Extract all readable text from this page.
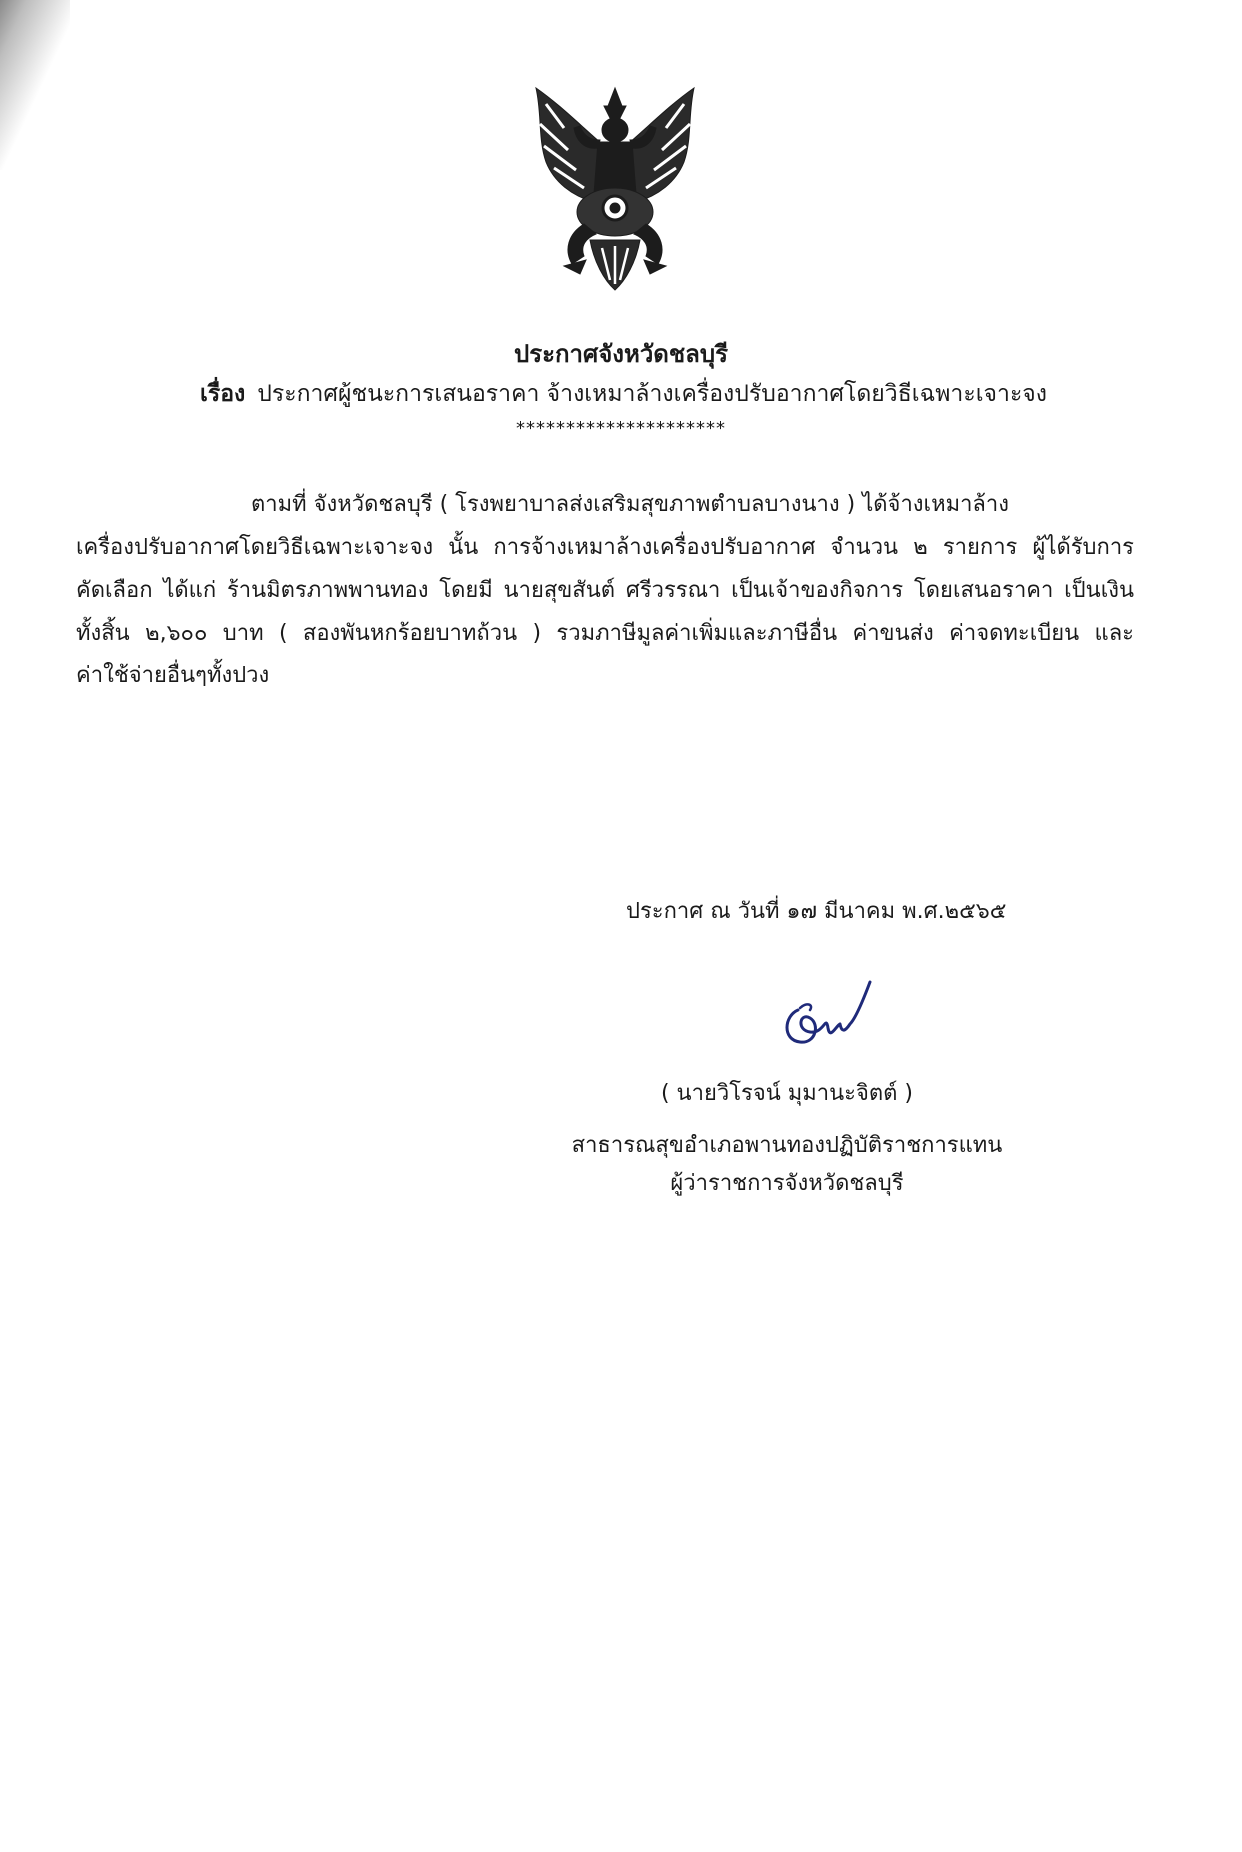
ประกาศจังหวัดชลบุรี
เรื่อง ประกาศผู้ชนะการเสนอราคา จ้างเหมาล้างเครื่องปรับอากาศโดยวิธีเฉพาะเจาะจง
*********************
ตามที่ จังหวัดชลบุรี ( โรงพยาบาลส่งเสริมสุขภาพตำบลบางนาง ) ได้จ้างเหมาล้าง
เครื่องปรับอากาศโดยวิธีเฉพาะเจาะจง นั้น การจ้างเหมาล้างเครื่องปรับอากาศ จำนวน ๒ รายการ ผู้ได้รับการ
คัดเลือก ได้แก่ ร้านมิตรภาพพานทอง โดยมี นายสุขสันต์ ศรีวรรณา เป็นเจ้าของกิจการ โดยเสนอราคา เป็นเงิน
ทั้งสิ้น ๒,๖๐๐ บาท ( สองพันหกร้อยบาทถ้วน ) รวมภาษีมูลค่าเพิ่มและภาษีอื่น ค่าขนส่ง ค่าจดทะเบียน และ
ค่าใช้จ่ายอื่นๆทั้งปวง
ประกาศ ณ วันที่ ๑๗ มีนาคม พ.ศ.๒๕๖๕
( นายวิโรจน์ มุมานะจิตต์ )
สาธารณสุขอำเภอพานทองปฏิบัติราชการแทน
ผู้ว่าราชการจังหวัดชลบุรี
